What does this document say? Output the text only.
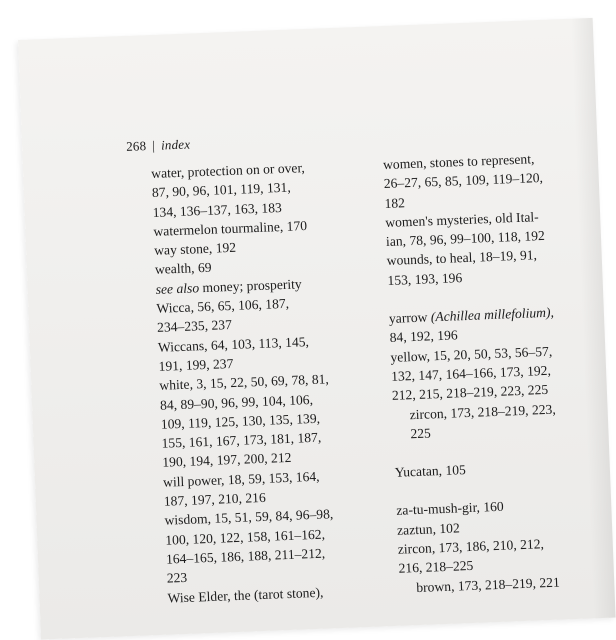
268 | index
water, protection on or over,
87, 90, 96, 101, 119, 131,
134, 136–137, 163, 183
watermelon tourmaline, 170
way stone, 192
wealth, 69
see also money; prosperity
Wicca, 56, 65, 106, 187,
234–235, 237
Wiccans, 64, 103, 113, 145,
191, 199, 237
white, 3, 15, 22, 50, 69, 78, 81,
84, 89–90, 96, 99, 104, 106,
109, 119, 125, 130, 135, 139,
155, 161, 167, 173, 181, 187,
190, 194, 197, 200, 212
will power, 18, 59, 153, 164,
187, 197, 210, 216
wisdom, 15, 51, 59, 84, 96–98,
100, 120, 122, 158, 161–162,
164–165, 186, 188, 211–212,
223
Wise Elder, the (tarot stone),
women, stones to represent,
26–27, 65, 85, 109, 119–120,
182
women's mysteries, old Ital-
ian, 78, 96, 99–100, 118, 192
wounds, to heal, 18–19, 91,
153, 193, 196
yarrow (Achillea millefolium),
84, 192, 196
yellow, 15, 20, 50, 53, 56–57,
132, 147, 164–166, 173, 192,
212, 215, 218–219, 223, 225
zircon, 173, 218–219, 223,
225
Yucatan, 105
za-tu-mush-gir, 160
zaztun, 102
zircon, 173, 186, 210, 212,
216, 218–225
brown, 173, 218–219, 221
